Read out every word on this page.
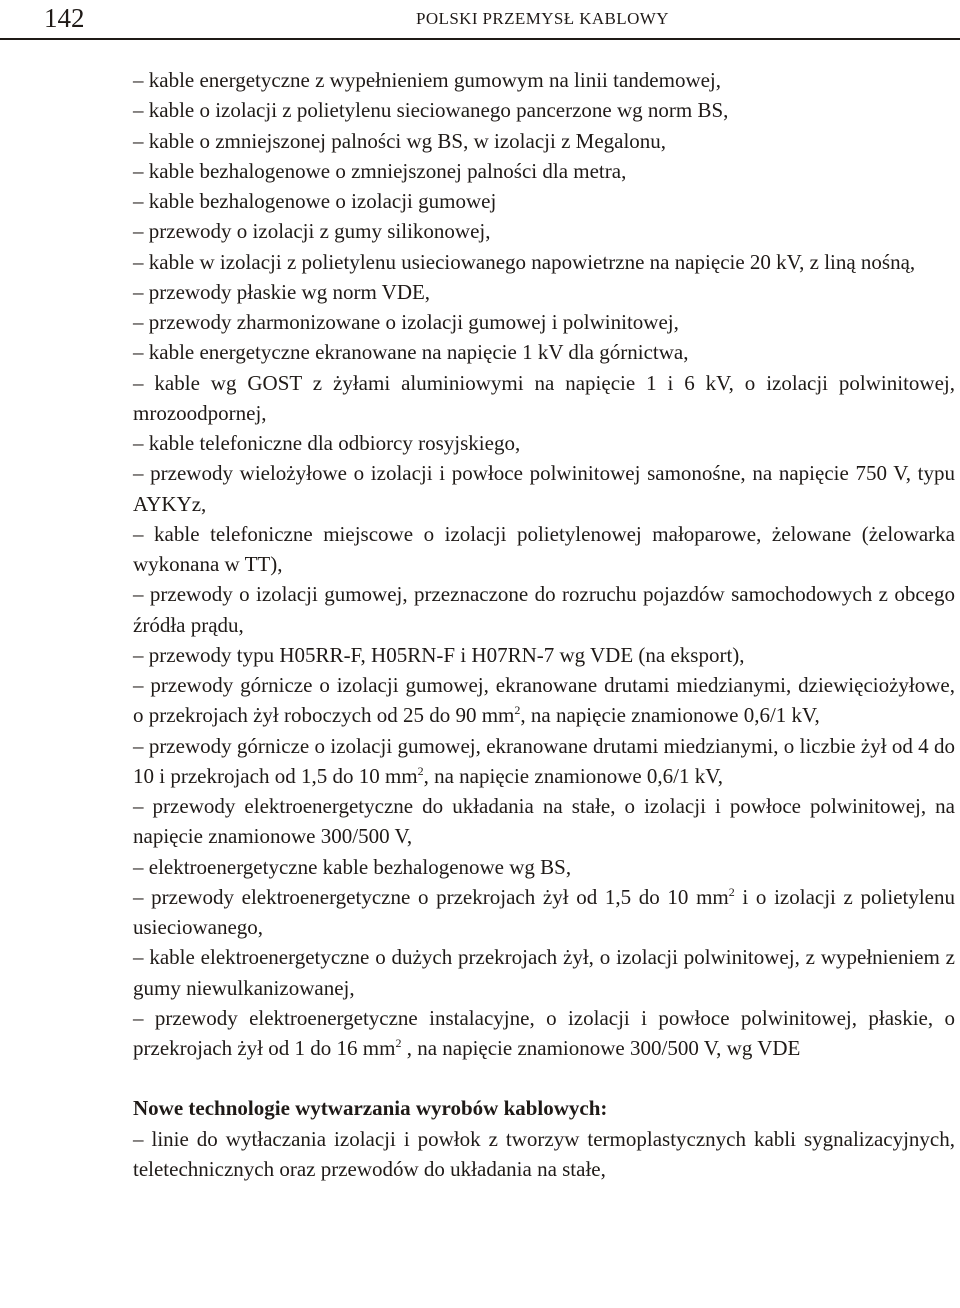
142	POLSKI PRZEMYSŁ KABLOWY

– kable energetyczne z wypełnieniem gumowym na linii tandemowej,

– kable o izolacji z polietylenu sieciowanego pancerzone wg norm BS,

– kable o zmniejszonej palności wg BS, w izolacji z Megalonu,

– kable bezhalogenowe o zmniejszonej palności dla metra,

– kable bezhalogenowe o izolacji gumowej

– przewody o izolacji z gumy silikonowej,

– kable w izolacji z polietylenu usieciowanego napowietrzne na napięcie 20 kV, z liną nośną,

– przewody płaskie wg norm VDE,

– przewody zharmonizowane o izolacji gumowej i polwinitowej,

– kable energetyczne ekranowane na napięcie 1 kV dla górnictwa,

– kable wg GOST z żyłami aluminiowymi na napięcie 1 i 6 kV, o izolacji polwinitowej, mrozoodpornej,

– kable telefoniczne dla odbiorcy rosyjskiego,

– przewody wielożyłowe o izolacji i powłoce polwinitowej samonośne, na napięcie 750 V, typu AYKYz,

– kable telefoniczne miejscowe o izolacji polietylenowej małoparowe, żelowane (żelowarka wykonana w TT),

– przewody o izolacji gumowej, przeznaczone do rozruchu pojazdów samochodowych z obcego źródła prądu,

– przewody typu H05RR-F, H05RN-F i H07RN-7 wg VDE (na eksport),

– przewody górnicze o izolacji gumowej, ekranowane drutami miedzianymi, dziewięciożyłowe, o przekrojach żył roboczych od 25 do 90 $mm^2$, na napięcie znamionowe 0,6/1 kV,

– przewody górnicze o izolacji gumowej, ekranowane drutami miedzianymi, o liczbie żył od 4 do 10 i przekrojach od 1,5 do 10 $mm^2$, na napięcie znamionowe 0,6/1 kV,

– przewody elektroenergetyczne do układania na stałe, o izolacji i powłoce polwinitowej, na napięcie znamionowe 300/500 V,

– elektroenergetyczne kable bezhalogenowe wg BS,

– przewody elektroenergetyczne o przekrojach żył od 1,5 do 10 $mm^2$ i o izolacji z polietylenu usieciowanego,

– kable elektroenergetyczne o dużych przekrojach żył, o izolacji polwinitowej, z wypełnieniem z gumy niewulkanizowanej,

– przewody elektroenergetyczne instalacyjne, o izolacji i powłoce polwinitowej, płaskie, o przekrojach żył od 1 do 16 $mm^2$ , na napięcie znamionowe 300/500 V, wg VDE

Nowe technologie wytwarzania wyrobów kablowych:

– linie do wytłaczania izolacji i powłok z tworzyw termoplastycznych kabli sygnalizacyjnych, teletechnicznych oraz przewodów do układania na stałe,
